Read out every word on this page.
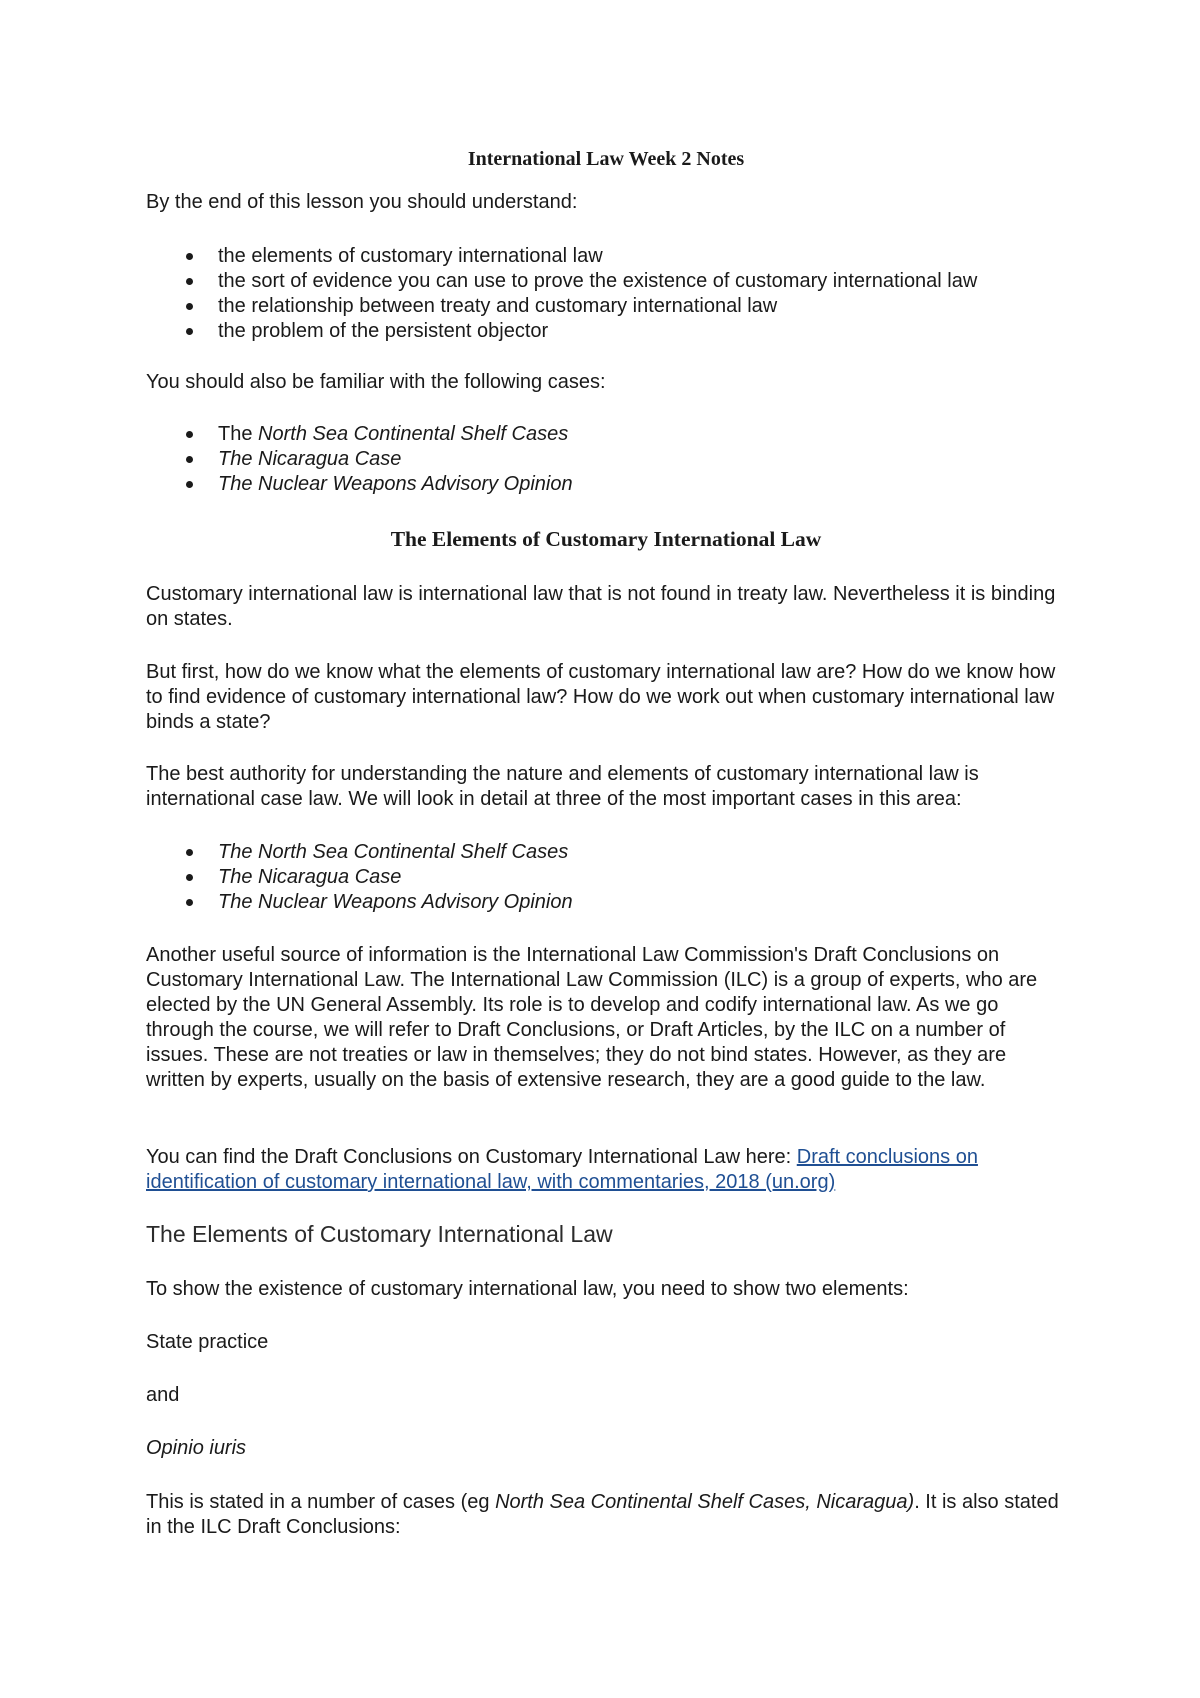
International Law Week 2 Notes

By the end of this lesson you should understand:

the elements of customary international law
the sort of evidence you can use to prove the existence of customary international law
the relationship between treaty and customary international law
the problem of the persistent objector

You should also be familiar with the following cases:

The North Sea Continental Shelf Cases
The Nicaragua Case
The Nuclear Weapons Advisory Opinion
The Elements of Customary International Law

Customary international law is international law that is not found in treaty law. Nevertheless it is binding on states.

But first, how do we know what the elements of customary international law are? How do we know how to find evidence of customary international law? How do we work out when customary international law binds a state?

The best authority for understanding the nature and elements of customary international law is international case law. We will look in detail at three of the most important cases in this area:

The North Sea Continental Shelf Cases
The Nicaragua Case
The Nuclear Weapons Advisory Opinion

Another useful source of information is the International Law Commission's Draft Conclusions on Customary International Law. The International Law Commission (ILC) is a group of experts, who are elected by the UN General Assembly. Its role is to develop and codify international law. As we go through the course, we will refer to Draft Conclusions, or Draft Articles, by the ILC on a number of issues. These are not treaties or law in themselves; they do not bind states. However, as they are written by experts, usually on the basis of extensive research, they are a good guide to the law.

You can find the Draft Conclusions on Customary International Law here: Draft conclusions on identification of customary international law, with commentaries, 2018 (un.org)

The Elements of Customary International Law

To show the existence of customary international law, you need to show two elements:

State practice

and

Opinio iuris

This is stated in a number of cases (eg North Sea Continental Shelf Cases, Nicaragua). It is also stated in the ILC Draft Conclusions:
